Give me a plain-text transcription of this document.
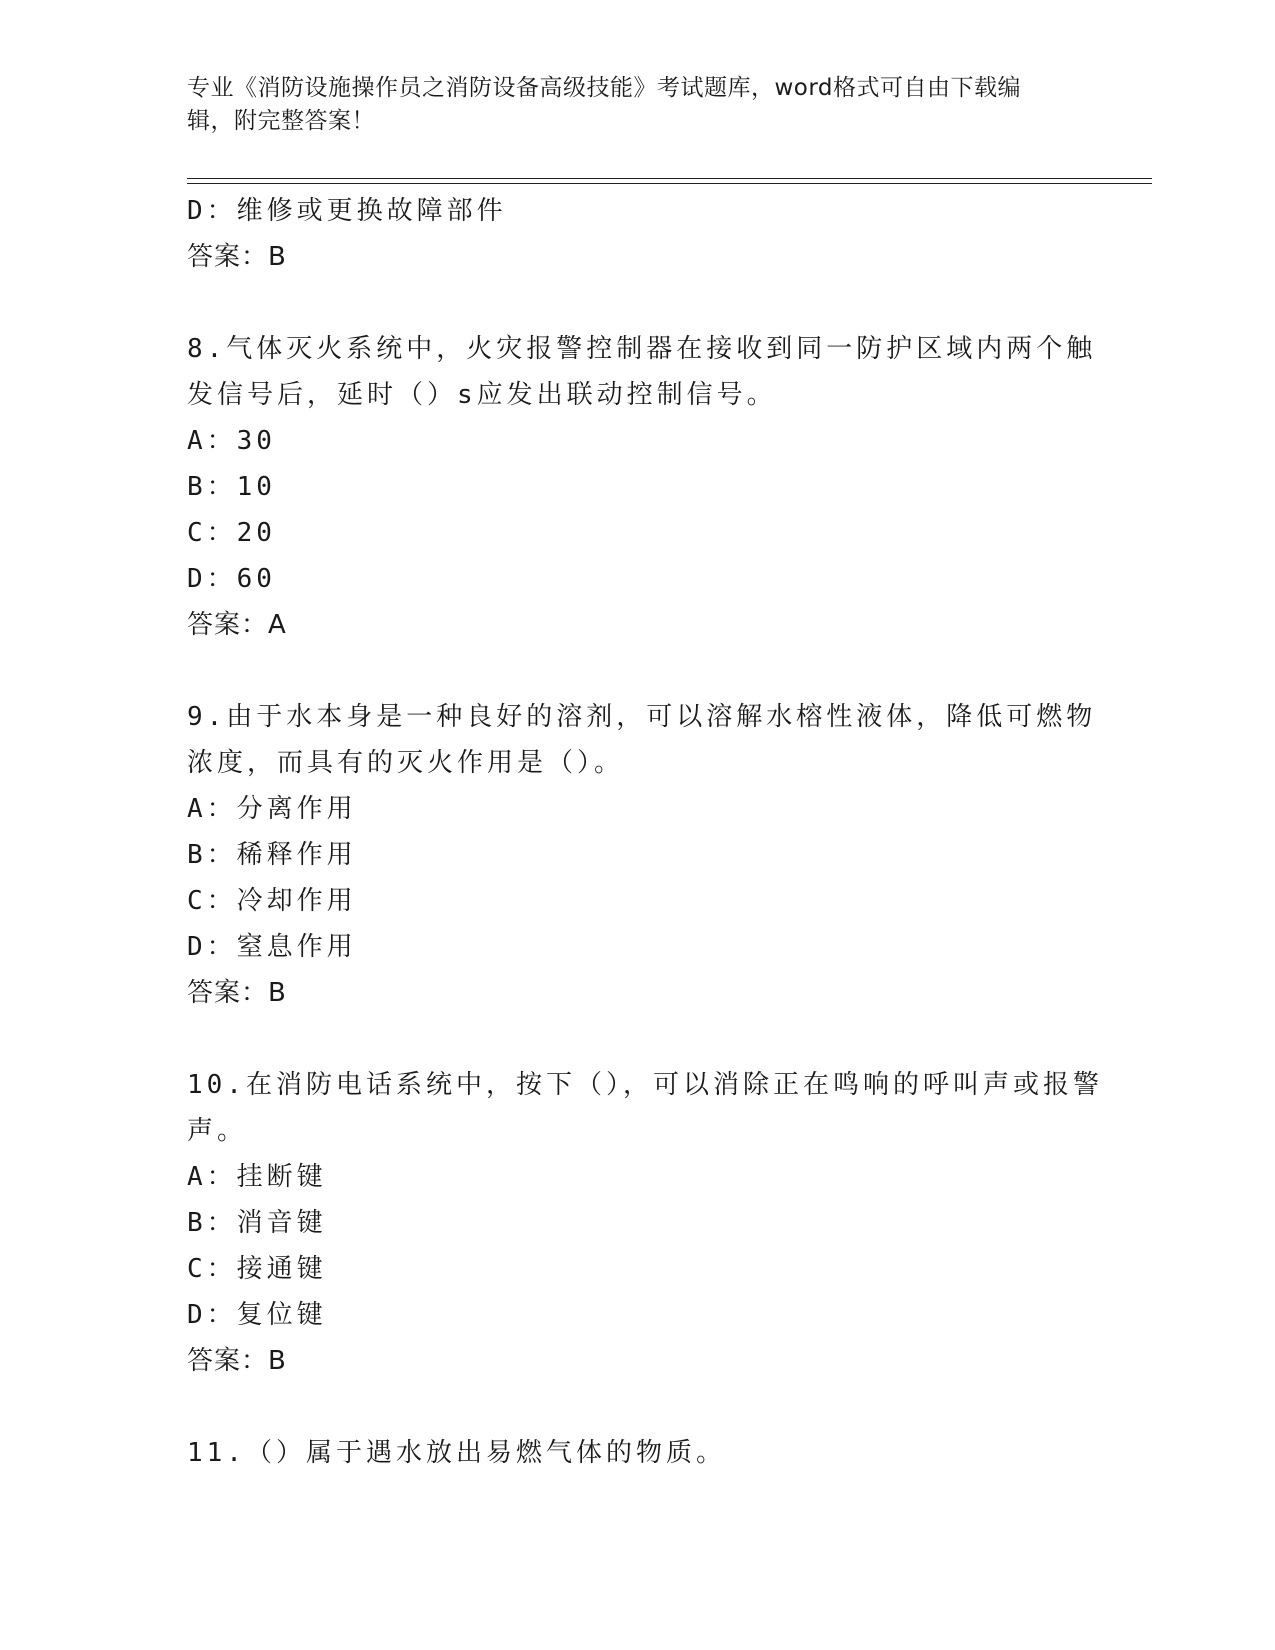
专业《消防设施操作员之消防设备高级技能》考试题库，word格式可自由下载编
辑，附完整答案！
D：维修或更换故障部件
答案：B
8.气体灭火系统中，火灾报警控制器在接收到同一防护区域内两个触
发信号后，延时（）s应发出联动控制信号。
A：30
B：10
C：20
D：60
答案：A
9.由于水本身是一种良好的溶剂，可以溶解水榕性液体，降低可燃物
浓度，而具有的灭火作用是（）。
A：分离作用
B：稀释作用
C：冷却作用
D：窒息作用
答案：B
10.在消防电话系统中，按下（），可以消除正在鸣响的呼叫声或报警
声。
A：挂断键
B：消音键
C：接通键
D：复位键
答案：B
11.（）属于遇水放出易燃气体的物质。
